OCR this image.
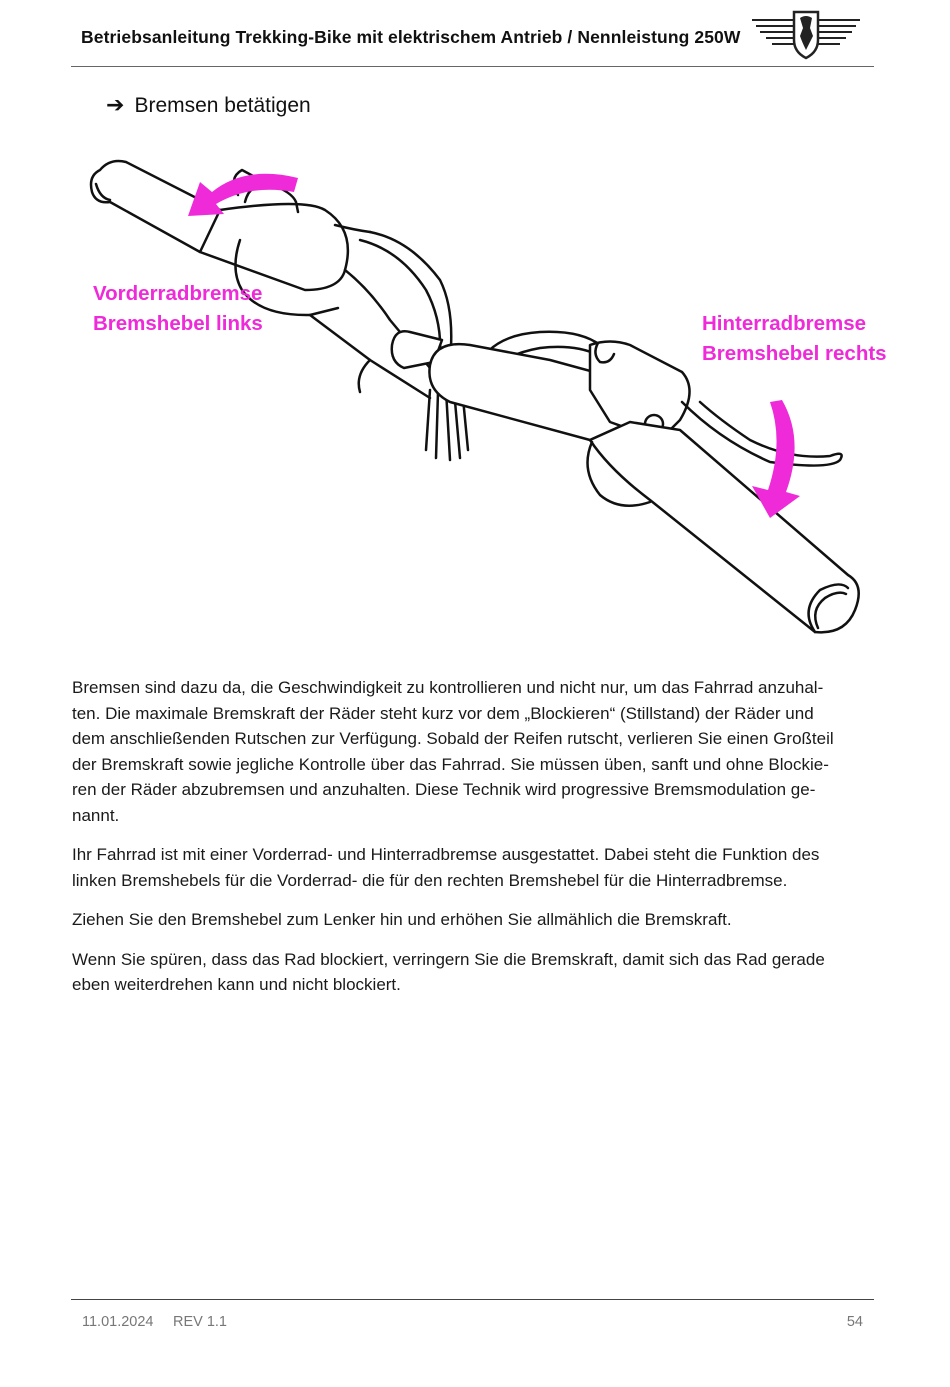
Betriebsanleitung Trekking-Bike mit elektrischem Antrieb / Nennleistung 250W
➔ Bremsen betätigen
Vorderradbremse
Bremshebel links	Hinterradbremse
Bremshebel rechts

Bremsen sind dazu da, die Geschwindigkeit zu kontrollieren und nicht nur, um das Fahrrad anzuhal-
ten. Die maximale Bremskraft der Räder steht kurz vor dem „Blockieren“ (Stillstand) der Räder und
dem anschließenden Rutschen zur Verfügung. Sobald der Reifen rutscht, verlieren Sie einen Großteil
der Bremskraft sowie jegliche Kontrolle über das Fahrrad. Sie müssen üben, sanft und ohne Blockie-
ren der Räder abzubremsen und anzuhalten. Diese Technik wird progressive Bremsmodulation ge-
nannt.

Ihr Fahrrad ist mit einer Vorderrad- und Hinterradbremse ausgestattet. Dabei steht die Funktion des
linken Bremshebels für die Vorderrad- die für den rechten Bremshebel für die Hinterradbremse.

Ziehen Sie den Bremshebel zum Lenker hin und erhöhen Sie allmählich die Bremskraft.

Wenn Sie spüren, dass das Rad blockiert, verringern Sie die Bremskraft, damit sich das Rad gerade
eben weiterdrehen kann und nicht blockiert.

11.01.2024 REV 1.1	54
